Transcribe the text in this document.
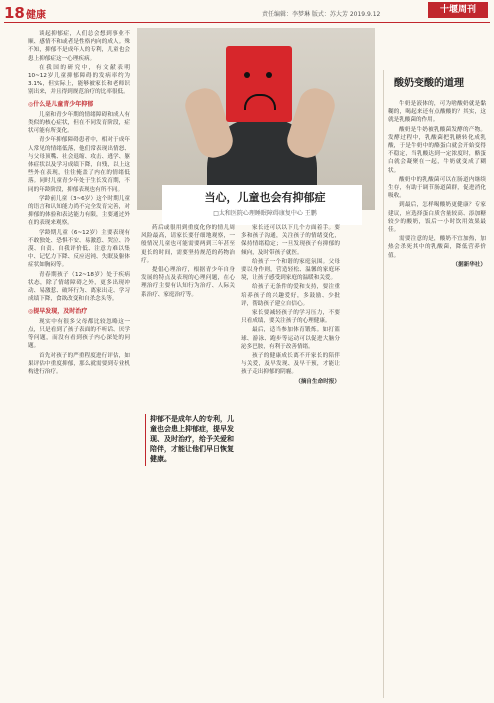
18 健康	责任编辑：李梦琳 版式：苏大芳 2019.9.12	十堰周刊

谈起抑郁症，人们总会想到事业不顺、感情不和或者是性格内向的成人。殊不知，抑郁不是成年人的专利，儿童也会患上抑郁症这一心理疾病。

在我国的研究中，有文献表明10~12岁儿童抑郁障碍的发病率约为3.1%，但实际上，能够被家长和老师识别出来，并且得到规范治疗的比率很低。

◎什么是儿童青少年抑郁

儿童和青少年期的情绪障碍和成人有类似的核心症状，但在不同发育阶段，症状可能有所变化。

青少年抑郁障碍患者中，相对于成年人常见的情绪低落，他们常表现出情怒、与父母顶嘴、社会退缩、攻击、逃学、躯体症状以及学习成绩下降，自残，以上这些外在表现，往往掩盖了内在的情绪低落。同时儿童青少年处于生长发育期，不同的年龄阶段，抑郁表现也有所不同。

学龄前儿童（3~6岁）这个时期儿童的语言和认知能力尚不完全发育完善，对抑郁的体验和表达能力有限，主要通过外在的表现来观察。

学龄期儿童（6~12岁）主要表现有不敢独处、恐惧不安、易激惹、哭泣、冷漠、自责、自我评价低、注意力难以集中、记忆力下降、反应迟钝、失眠及躯体症状如胸闷等。

青春期孩子（12~18岁）处于疾病状态，除了情绪障碍之外，更多出现冲动、易激惹、破坏行为、离家出走、学习成绩下降，食欲改变和自杀念头等。

◎提早发现，及时治疗

现实中有很多父母都比较忽略这一点，只是看到了孩子表面的不听话、厌学等问题，而没有看到孩子内心深处的问题。

首先对孩子的严重程度进行评估，如果评估中重度抑郁，那么就需要到专业机构进行治疗。

当心，儿童也会有抑郁症
□太和医院心理睡眠障碍康复中心 王鹏

药后或很用到重度化你的情儿周风险最高，请家长要仔细地观察，一般情况儿童也可能需要两到三年甚至更长的时间，需要坚持规范的药物治疗。

提倡心理治疗，根据青少年自身发展的特点及表现的心理问题，在心理治疗主要有认知行为治疗、人际关系治疗、家庭治疗等。

抑郁不是成年人的专利，儿童也会患上抑郁症，提早发现、及时治疗，给予关爱和陪伴，才能让他们早日恢复健康。

家长还可以以下几个方面着手。要多和孩子沟通，关注孩子的情绪变化，保持情绪稳定；一旦发现孩子有抑郁的倾向，及时带孩子就医。

给孩子一个和谐的家庭氛围。父母要以身作则，营造轻松、温馨的家庭环境，让孩子感受到家庭的温暖和关爱。

给孩子无条件的爱和支持，要注重培养孩子的兴趣爱好，多鼓励、少批评，帮助孩子建立自信心。

家长要减轻孩子的学习压力，不要只看成绩，要关注孩子的心理健康。

最后，适当参加体育锻炼。如打篮球、游泳、跑步等运动可以促进大脑分泌多巴胺，有利于改善情绪。

孩子的健康成长离不开家长的陪伴与关爱，及早发现、及早干预，才能让孩子走出抑郁的阴霾。

（摘自生命时报）

酸奶变酸的道理

牛奶是液体的，可为啥酸奶就是黏糊的，喝起来还有点酸酸的？其实，这就是乳酸菌的作用。

酸奶是牛奶被乳酸菌发酵的产物。发酵过程中，乳酸菌把乳糖转化成乳酸，于是牛奶中的酪蛋白就会开始变得不稳定，当乳酸达到一定浓度时，酪蛋白就会凝聚在一起，牛奶就变成了糊状。

酸奶中的乳酸菌可以在肠道内继续生存，有助于调节肠道菌群，促进消化吸收。

到最后，怎样喝酸奶更健康？专家建议，应选择蛋白质含量较高、添加糖较少的酸奶，饭后一小时饮用效果最佳。

需要注意的是，酸奶不宜加热，加热会杀死其中的乳酸菌，降低营养价值。

（据新华社）
